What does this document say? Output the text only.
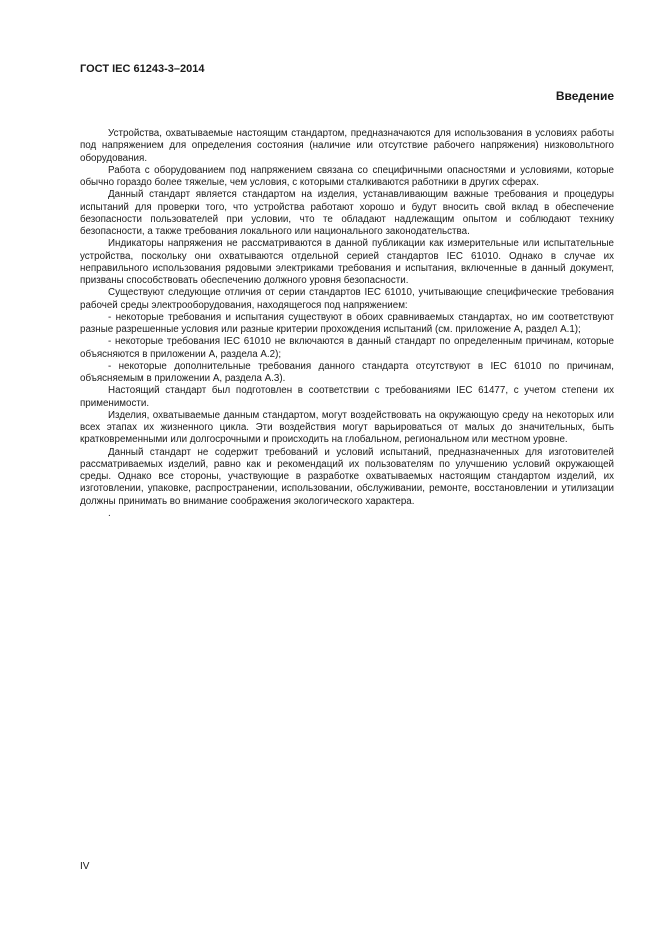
ГОСТ IEC 61243-3–2014
Введение

Устройства, охватываемые настоящим стандартом, предназначаются для использования в условиях работы под напряжением для определения состояния (наличие или отсутствие рабочего напряжения) низковольтного оборудования.

Работа с оборудованием под напряжением связана со специфичными опасностями и условиями, которые обычно гораздо более тяжелые, чем условия, с которыми сталкиваются работники в других сферах.

Данный стандарт является стандартом на изделия, устанавливающим важные требования и процедуры испытаний для проверки того, что устройства работают хорошо и будут вносить свой вклад в обеспечение безопасности пользователей при условии, что те обладают надлежащим опытом и соблюдают технику безопасности, а также требования локального или национального законодательства.

Индикаторы напряжения не рассматриваются в данной публикации как измерительные или испытательные устройства, поскольку они охватываются отдельной серией стандартов IEC 61010. Однако в случае их неправильного использования рядовыми электриками требования и испытания, включенные в данный документ, призваны способствовать обеспечению должного уровня безопасности.

Существуют следующие отличия от серии стандартов IEC 61010, учитывающие специфические требования рабочей среды электрооборудования, находящегося под напряжением:

- некоторые требования и испытания существуют в обоих сравниваемых стандартах, но им соответствуют разные разрешенные условия или разные критерии прохождения испытаний (см. приложение А, раздел А.1);

- некоторые требования IEC 61010 не включаются в данный стандарт по определенным причинам, которые объясняются в приложении А, раздела А.2);

- некоторые дополнительные требования данного стандарта отсутствуют в IEC 61010 по причинам, объясняемым в приложении А, раздела А.3).

Настоящий стандарт был подготовлен в соответствии с требованиями IEC 61477, с учетом степени их применимости.

Изделия, охватываемые данным стандартом, могут воздействовать на окружающую среду на некоторых или всех этапах их жизненного цикла. Эти воздействия могут варьироваться от малых до значительных, быть кратковременными или долгосрочными и происходить на глобальном, региональном или местном уровне.

Данный стандарт не содержит требований и условий испытаний, предназначенных для изготовителей рассматриваемых изделий, равно как и рекомендаций их пользователям по улучшению условий окружающей среды. Однако все стороны, участвующие в разработке охватываемых настоящим стандартом изделий, их изготовлении, упаковке, распространении, использовании, обслуживании, ремонте, восстановлении и утилизации должны принимать во внимание соображения экологического характера.

.

IV
